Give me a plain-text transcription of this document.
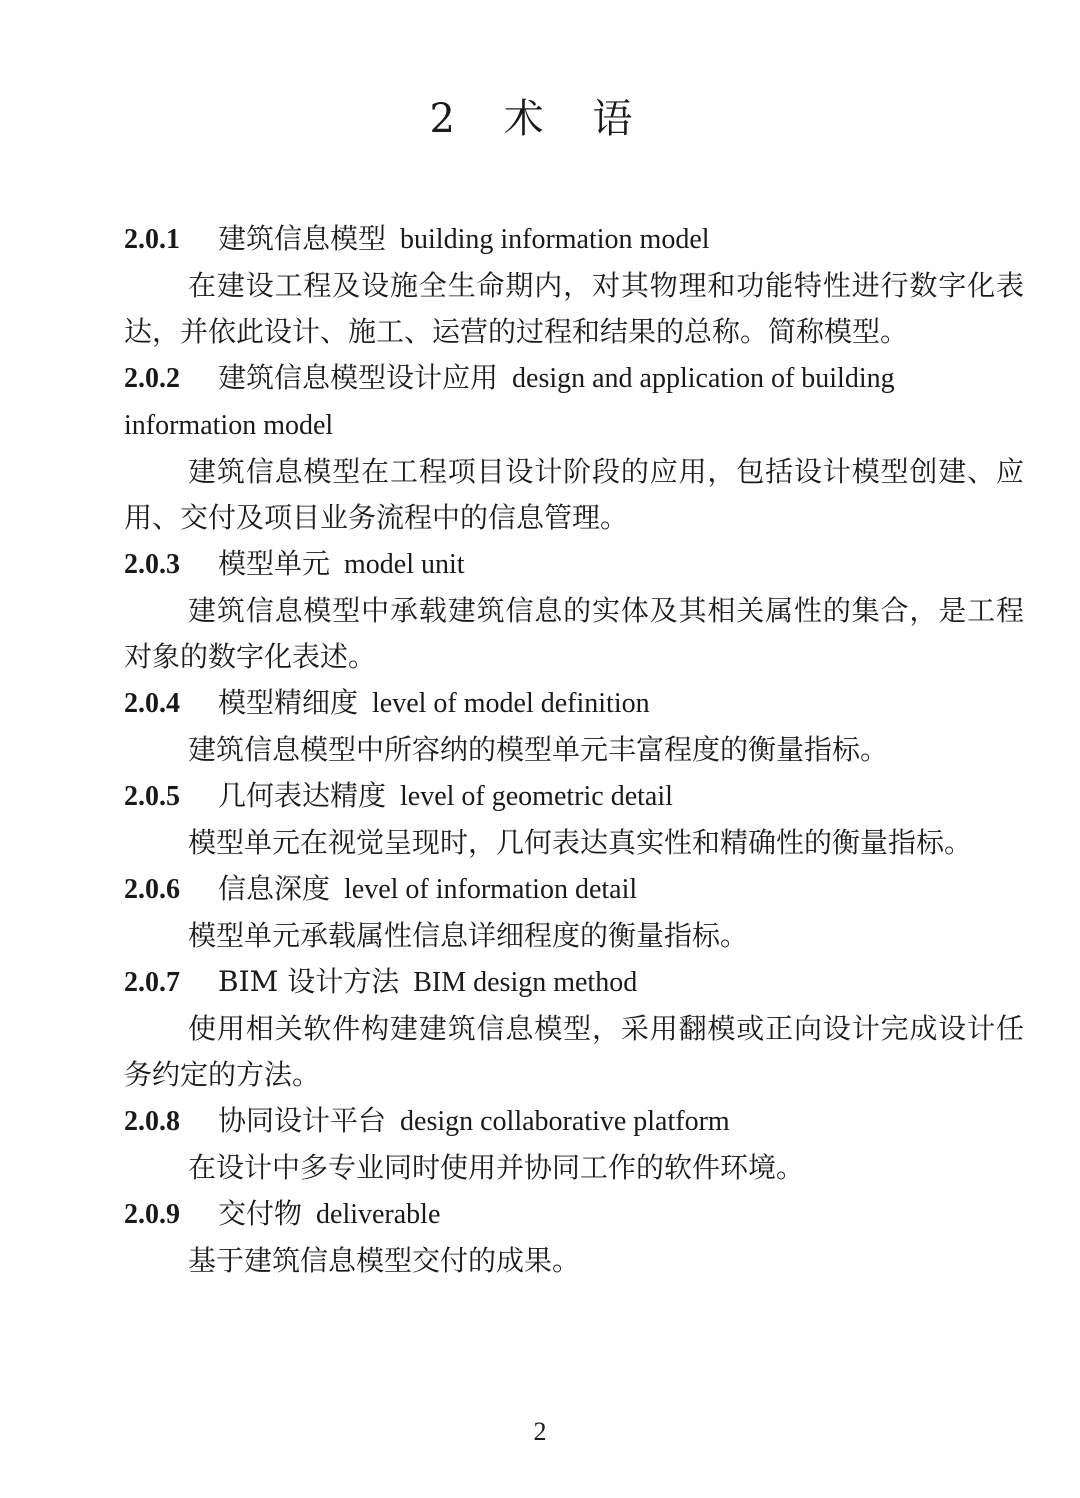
2 术 语
2.0.1 建筑信息模型 building information model

在建设工程及设施全生命期内，对其物理和功能特性进行数字化表达，并依此设计、施工、运营的过程和结果的总称。简称模型。

2.0.2 建筑信息模型设计应用 design and application of building information model

建筑信息模型在工程项目设计阶段的应用，包括设计模型创建、应用、交付及项目业务流程中的信息管理。

2.0.3 模型单元 model unit

建筑信息模型中承载建筑信息的实体及其相关属性的集合，是工程对象的数字化表述。

2.0.4 模型精细度 level of model definition

建筑信息模型中所容纳的模型单元丰富程度的衡量指标。

2.0.5 几何表达精度 level of geometric detail

模型单元在视觉呈现时，几何表达真实性和精确性的衡量指标。

2.0.6 信息深度 level of information detail

模型单元承载属性信息详细程度的衡量指标。

2.0.7 BIM 设计方法 BIM design method

使用相关软件构建建筑信息模型，采用翻模或正向设计完成设计任务约定的方法。

2.0.8 协同设计平台 design collaborative platform

在设计中多专业同时使用并协同工作的软件环境。

2.0.9 交付物 deliverable

基于建筑信息模型交付的成果。

2
